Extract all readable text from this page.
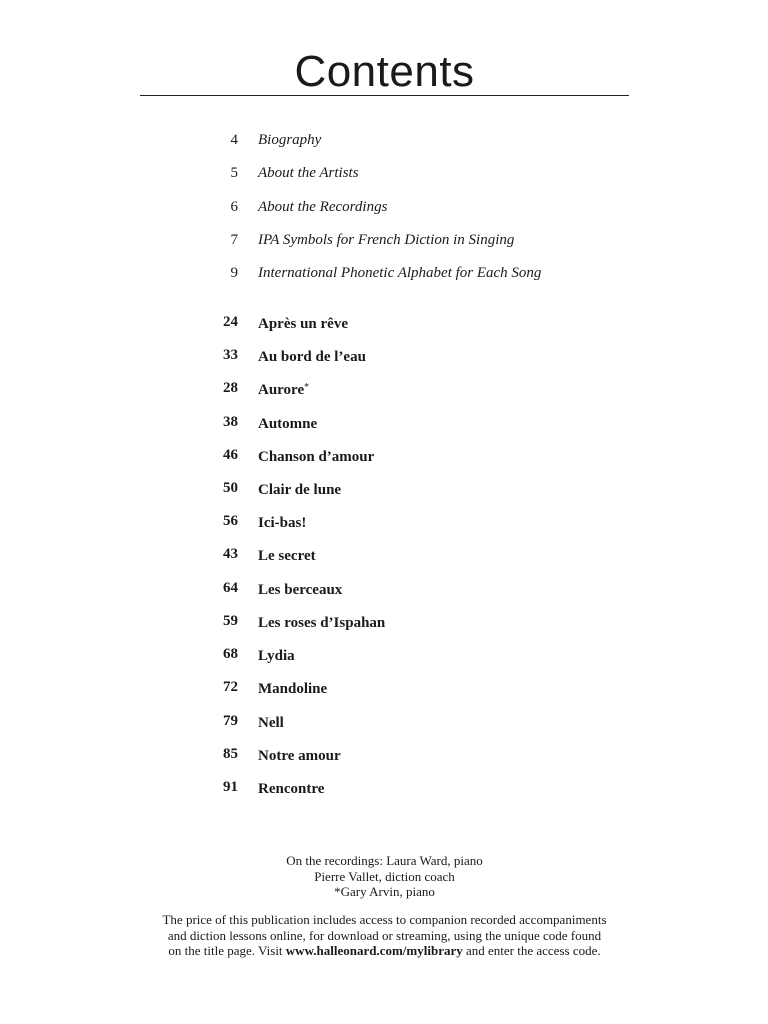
Contents
4 Biography
5 About the Artists
6 About the Recordings
7 IPA Symbols for French Diction in Singing
9 International Phonetic Alphabet for Each Song
24 Après un rêve
33 Au bord de l’eau
28 Aurore*
38 Automne
46 Chanson d’amour
50 Clair de lune
56 Ici-bas!
43 Le secret
64 Les berceaux
59 Les roses d’Ispahan
68 Lydia
72 Mandoline
79 Nell
85 Notre amour
91 Rencontre
On the recordings: Laura Ward, piano
Pierre Vallet, diction coach
*Gary Arvin, piano
The price of this publication includes access to companion recorded accompaniments
and diction lessons online, for download or streaming, using the unique code found
on the title page. Visit www.halleonard.com/mylibrary and enter the access code.
